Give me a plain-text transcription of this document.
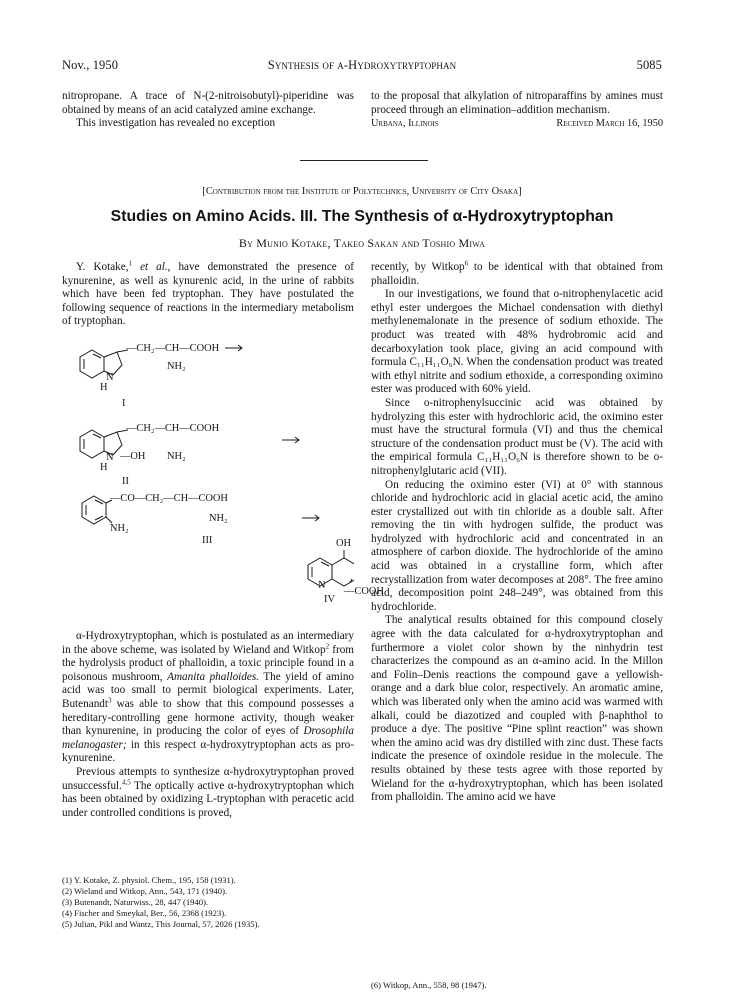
Nov., 1950	Synthesis of α-Hydroxytryptophan	5085

nitropropane. A trace of N-(2-nitroisobutyl)-piperidine was obtained by means of an acid catalyzed amine exchange.

This investigation has revealed no exception

to the proposal that alkylation of nitroparaffins by amines must proceed through an elimination–addition mechanism.

Urbana, Illinois	Received March 16, 1950
[Contribution from the Institute of Polytechnics, University of City Osaka]
Studies on Amino Acids. III. The Synthesis of α-Hydroxytryptophan
By Munio Kotake, Takeo Sakan and Toshio Miwa

Y. Kotake,$^1$ et al., have demonstrated the presence of kynurenine, as well as kynurenic acid, in the urine of rabbits which have been fed tryptophan. They have postulated the following sequence of reactions in the intermediary metabolism of tryptophan.

—CH₂—CH—COOH
NH₂
N
H
I
—CH₂—CH—COOH
—OH NH₂
N
H
II
—CO—CH₂—CH—COOH
NH₂
NH₂
III	OH
N
IV
—COOH

α-Hydroxytryptophan, which is postulated as an intermediary in the above scheme, was isolated by Wieland and Witkop$^2$ from the hydrolysis product of phalloidin, a toxic principle found in a poisonous mushroom, Amanita phalloides. The yield of amino acid was too small to permit biological experiments. Later, Butenandt$^3$ was able to show that this compound possesses a hereditary-controlling gene hormone activity, though weaker than kynurenine, in producing the color of eyes of Drosophila melanogaster; in this respect α-hydroxytryptophan acts as pro-kynurenine.

Previous attempts to synthesize α-hydroxytryptophan proved unsuccessful.$^{4,5}$ The optically active α-hydroxytryptophan which has been obtained by oxidizing L-tryptophan with peracetic acid under controlled conditions is proved,

(1) Y. Kotake, Z. physiol. Chem., 195, 158 (1931).
(2) Wieland and Witkop, Ann., 543, 171 (1940).
(3) Butenandt, Naturwiss., 28, 447 (1940).
(4) Fischer and Smeykal, Ber., 56, 2368 (1923).
(5) Julian, Pikl and Wantz, This Journal, 57, 2026 (1935).

recently, by Witkop$^6$ to be identical with that obtained from phalloidin.

In our investigations, we found that o-nitrophenylacetic acid ethyl ester undergoes the Michael condensation with diethyl methylenemalonate in the presence of sodium ethoxide. The product was treated with 48% hydrobromic acid and decarboxylation took place, giving an acid compound with formula C₁₁H₁₁O₆N. When the condensation product was treated with ethyl nitrite and sodium ethoxide, a corresponding oximino ester was produced with 60% yield.

Since o-nitrophenylsuccinic acid was obtained by hydrolyzing this ester with hydrochloric acid, the oximino ester must have the structural formula (VI) and thus the chemical structure of the condensation product must be (V). The acid with the empirical formula C₁₁H₁₁O₆N is therefore shown to be o-nitrophenylglutaric acid (VII).

On reducing the oximino ester (VI) at 0° with stannous chloride and hydrochloric acid in glacial acetic acid, the amino ester crystallized out with tin chloride as a double salt. After removing the tin with hydrogen sulfide, the product was hydrolyzed with hydrochloric acid and concentrated in an atmosphere of carbon dioxide. The hydrochloride of the amino acid was obtained in a crystalline form, which after recrystallization from water decomposes at 208°. The free amino acid, decomposition point 248–249°, was obtained from this hydrochloride.

The analytical results obtained for this compound closely agree with the data calculated for α-hydroxytryptophan and furthermore a violet color shown by the ninhydrin test characterizes the compound as an α-amino acid. In the Millon and Folin–Denis reactions the compound gave a yellowish-orange and a dark blue color, respectively. An aromatic amine, which was liberated only when the amino acid was warmed with alkali, could be diazotized and coupled with β-naphthol to produce a dye. The positive “Pine splint reaction” was shown when the amino acid was dry distilled with zinc dust. These facts indicate the presence of oxindole residue in the molecule. The results obtained by these tests agree with those reported by Wieland for the α-hydroxytryptophan, which has been isolated from phalloidin. The amino acid we have

(6) Witkop, Ann., 558, 98 (1947).
